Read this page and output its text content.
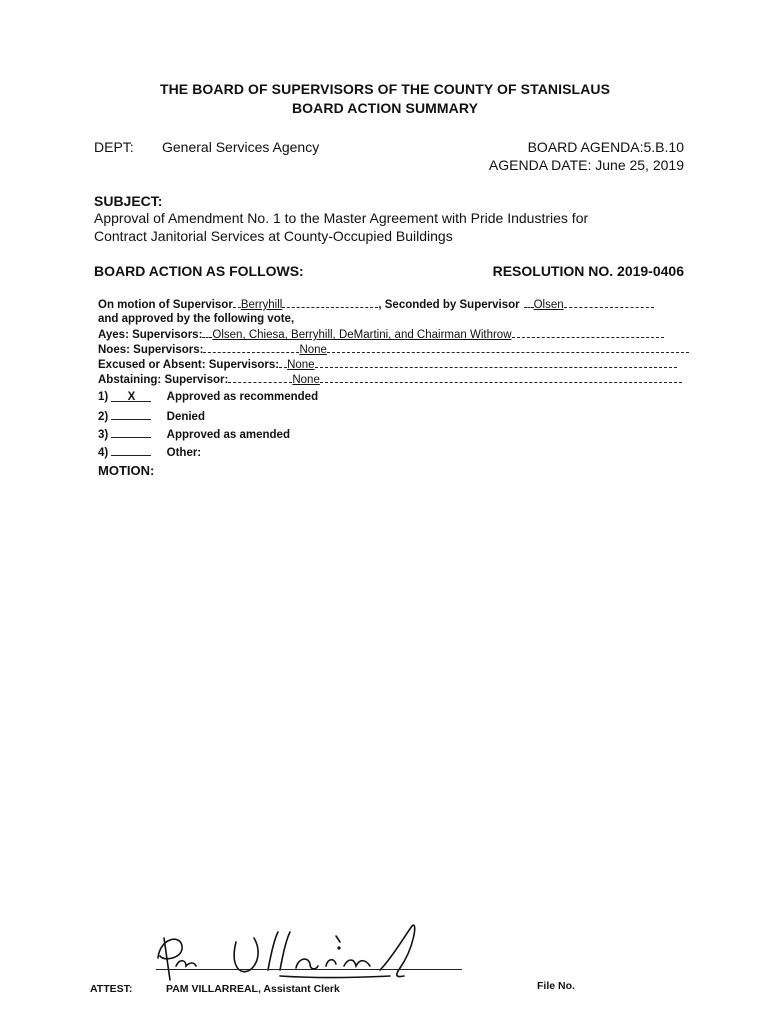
THE BOARD OF SUPERVISORS OF THE COUNTY OF STANISLAUS
BOARD ACTION SUMMARY
DEPT: General Services Agency	BOARD AGENDA:5.B.10
AGENDA DATE: June 25, 2019
SUBJECT:
Approval of Amendment No. 1 to the Master Agreement with Pride Industries for
Contract Janitorial Services at County-Occupied Buildings
BOARD ACTION AS FOLLOWS:	RESOLUTION NO. 2019-0406
On motion of Supervisor Berryhill	, Seconded by Supervisor Olsen
and approved by the following vote,
Ayes: Supervisors: Olsen, Chiesa, Berryhill, DeMartini, and Chairman Withrow
Noes: Supervisors:	None
Excused or Absent: Supervisors: None
Abstaining: Supervisor:	None
1) X	Approved as recommended
2)	Denied
3)	Approved as amended
4)	Other:
MOTION:
ATTEST:	PAM VILLARREAL, Assistant Clerk	File No.
